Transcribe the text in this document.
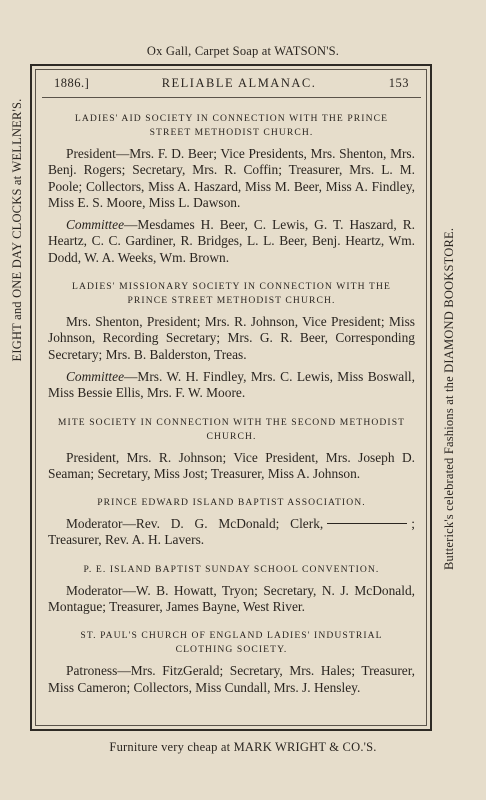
Ox Gall, Carpet Soap at WATSON'S.
EIGHT and ONE DAY CLOCKS at WELLNER'S.	Butterick's celebrated Fashions at the DIAMOND BOOKSTORE.
Furniture very cheap at MARK WRIGHT & CO.'S.
1886.]	RELIABLE ALMANAC.	153
LADIES' AID SOCIETY IN CONNECTION WITH THE PRINCE STREET METHODIST CHURCH.

President—Mrs. F. D. Beer; Vice Presidents, Mrs. Shenton, Mrs. Benj. Rogers; Secretary, Mrs. R. Coffin; Treasurer, Mrs. L. M. Poole; Collectors, Miss A. Haszard, Miss M. Beer, Miss A. Findley, Miss E. S. Moore, Miss L. Dawson.

Committee—Mesdames H. Beer, C. Lewis, G. T. Haszard, R. Heartz, C. C. Gardiner, R. Bridges, L. L. Beer, Benj. Heartz, Wm. Dodd, W. A. Weeks, Wm. Brown.

LADIES' MISSIONARY SOCIETY IN CONNECTION WITH THE PRINCE STREET METHODIST CHURCH.

Mrs. Shenton, President; Mrs. R. Johnson, Vice President; Miss Johnson, Recording Secretary; Mrs. G. R. Beer, Corresponding Secretary; Mrs. B. Balderston, Treas.

Committee—Mrs. W. H. Findley, Mrs. C. Lewis, Miss Boswall, Miss Bessie Ellis, Mrs. F. W. Moore.

MITE SOCIETY IN CONNECTION WITH THE SECOND METHODIST CHURCH.

President, Mrs. R. Johnson; Vice President, Mrs. Joseph D. Seaman; Secretary, Miss Jost; Treasurer, Miss A. Johnson.

PRINCE EDWARD ISLAND BAPTIST ASSOCIATION.

Moderator—Rev. D. G. McDonald; Clerk,	; Treasurer, Rev. A. H. Lavers.

P. E. ISLAND BAPTIST SUNDAY SCHOOL CONVENTION.

Moderator—W. B. Howatt, Tryon; Secretary, N. J. McDonald, Montague; Treasurer, James Bayne, West River.

ST. PAUL'S CHURCH OF ENGLAND LADIES' INDUSTRIAL CLOTHING SOCIETY.

Patroness—Mrs. FitzGerald; Secretary, Mrs. Hales; Treasurer, Miss Cameron; Collectors, Miss Cundall, Mrs. J. Hensley.
